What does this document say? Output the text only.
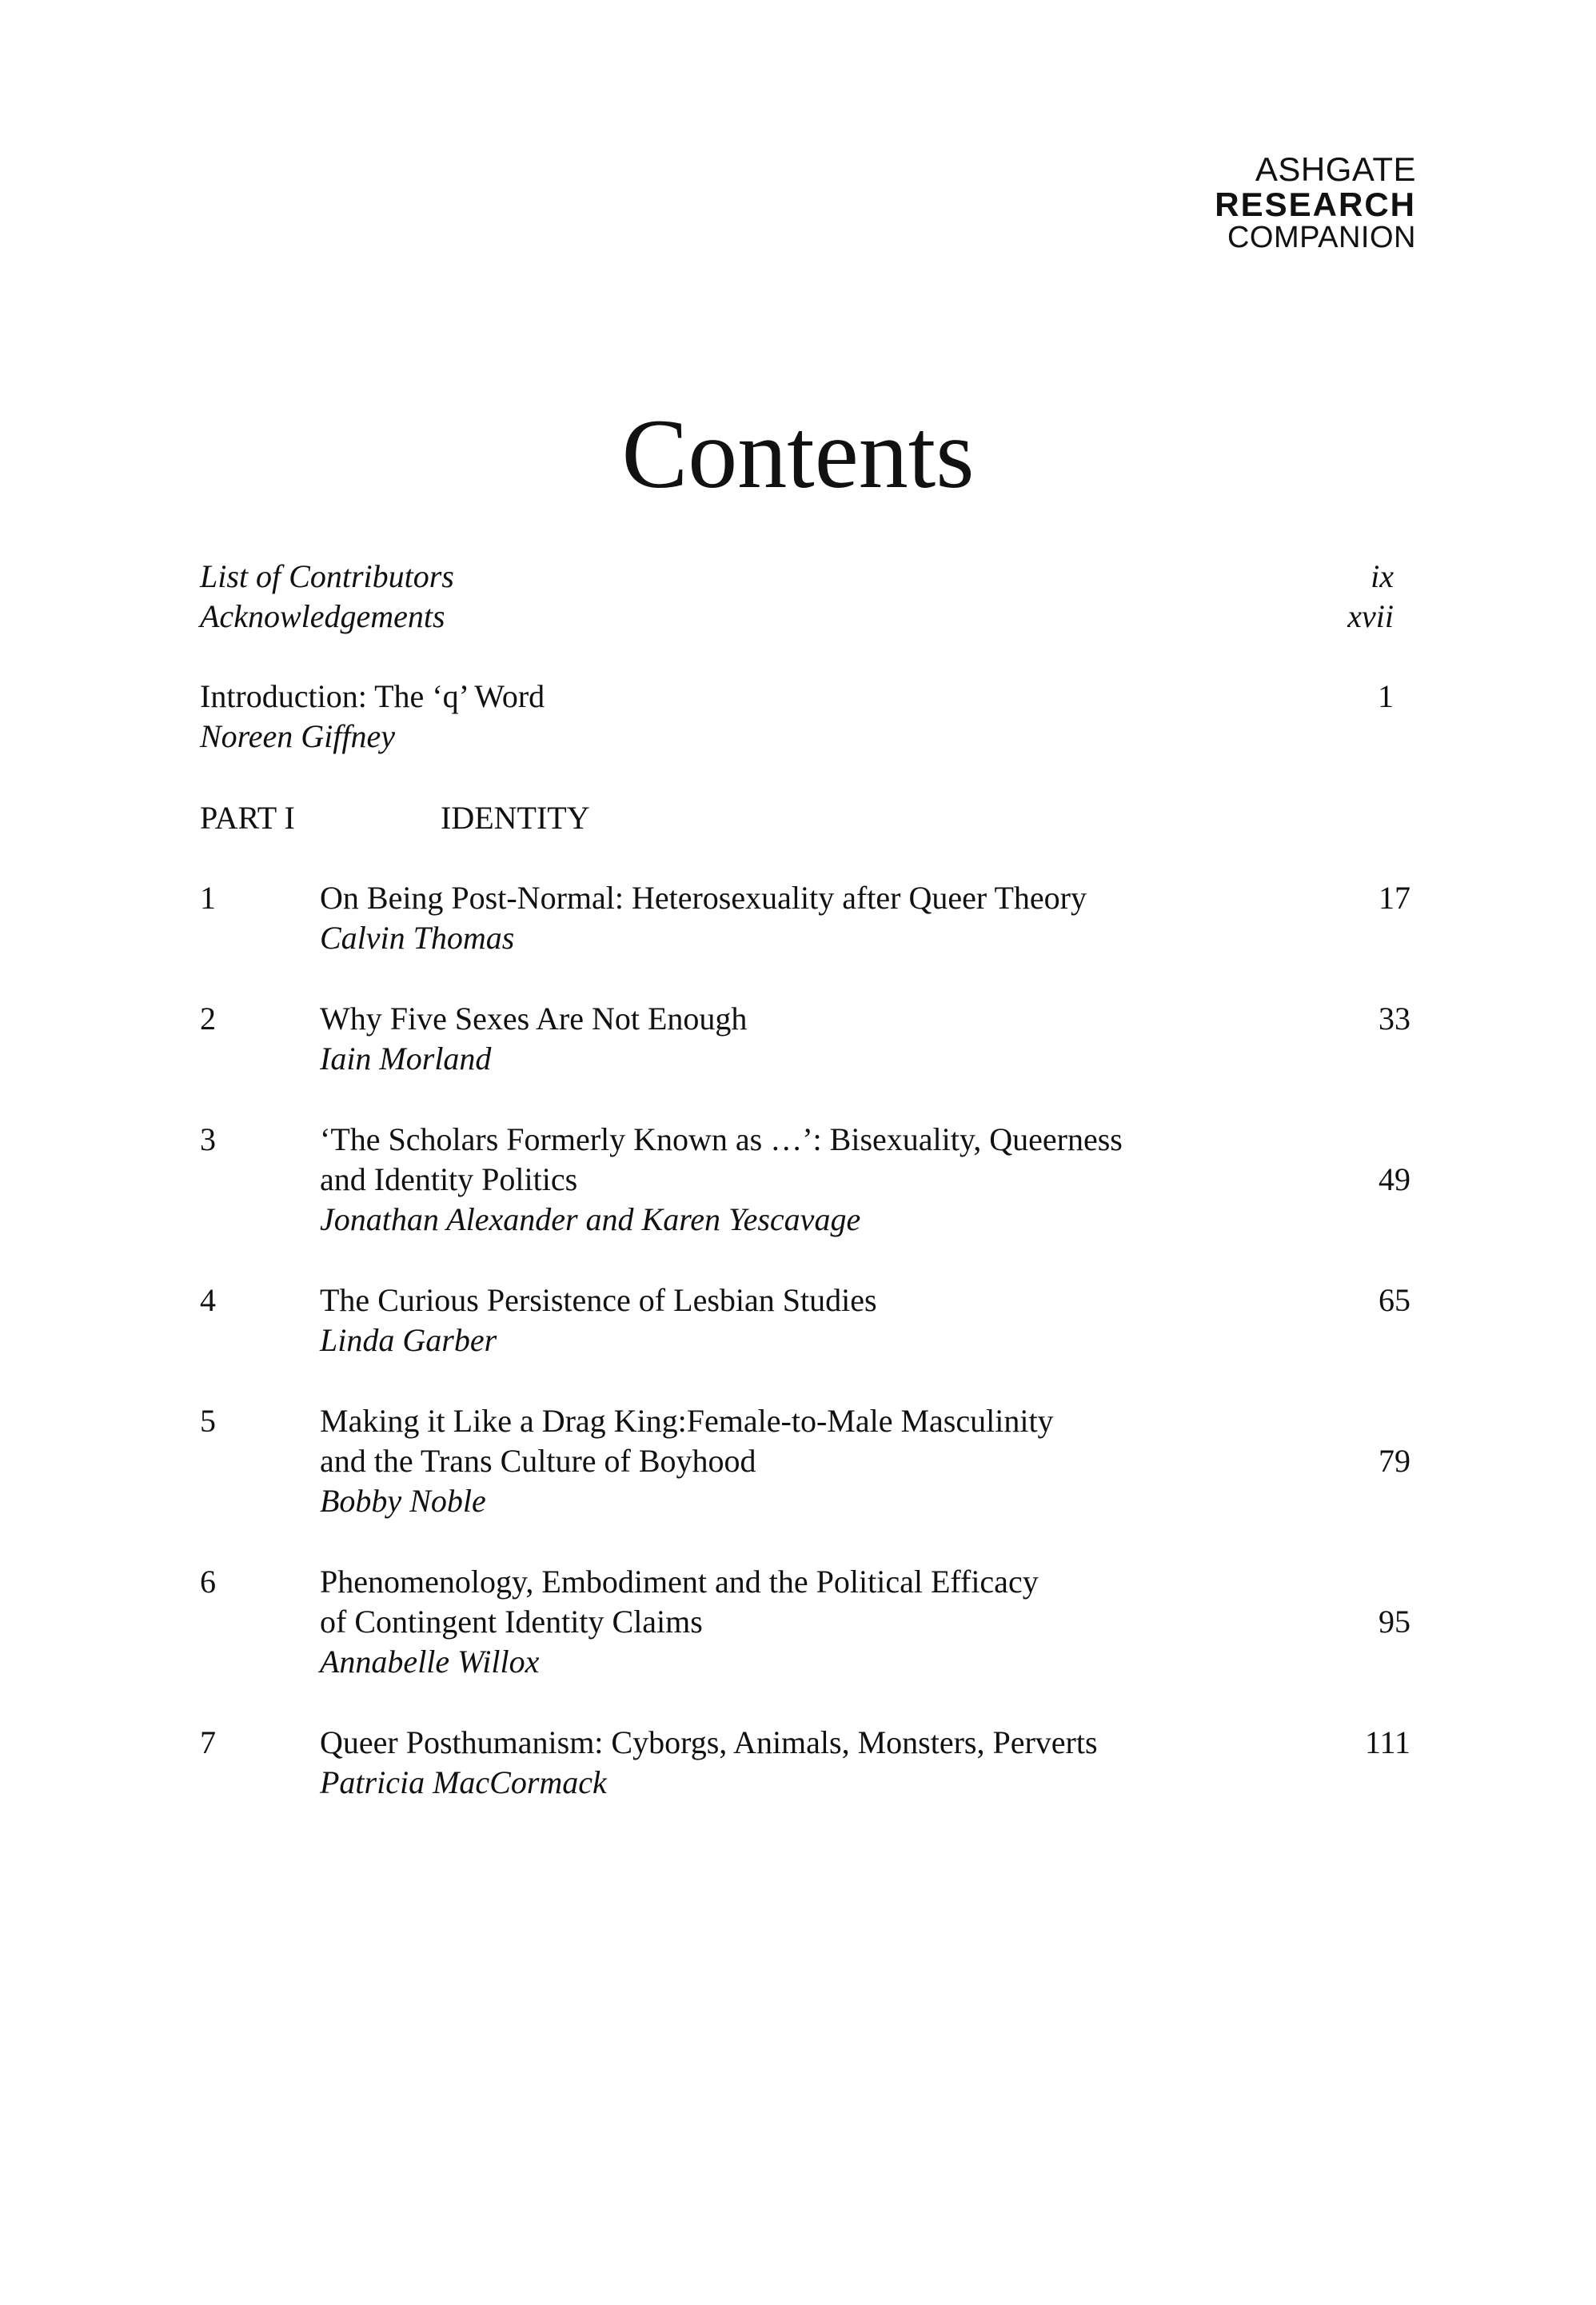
ASHGATE
RESEARCH
COMPANION
Contents
List of Contributors	ix
Acknowledgements	xvii
Introduction: The ‘q’ Word	1
Noreen Giffney
PART I	IDENTITY
1	On Being Post-Normal: Heterosexuality after Queer Theory	17
Calvin Thomas
2	Why Five Sexes Are Not Enough	33
Iain Morland
3	‘The Scholars Formerly Known as …’: Bisexuality, Queerness
and Identity Politics	49
Jonathan Alexander and Karen Yescavage
4	The Curious Persistence of Lesbian Studies	65
Linda Garber
5	Making it Like a Drag King:Female-to-Male Masculinity
and the Trans Culture of Boyhood	79
Bobby Noble
6	Phenomenology, Embodiment and the Political Efficacy
of Contingent Identity Claims	95
Annabelle Willox
7	Queer Posthumanism: Cyborgs, Animals, Monsters, Perverts	111
Patricia MacCormack
